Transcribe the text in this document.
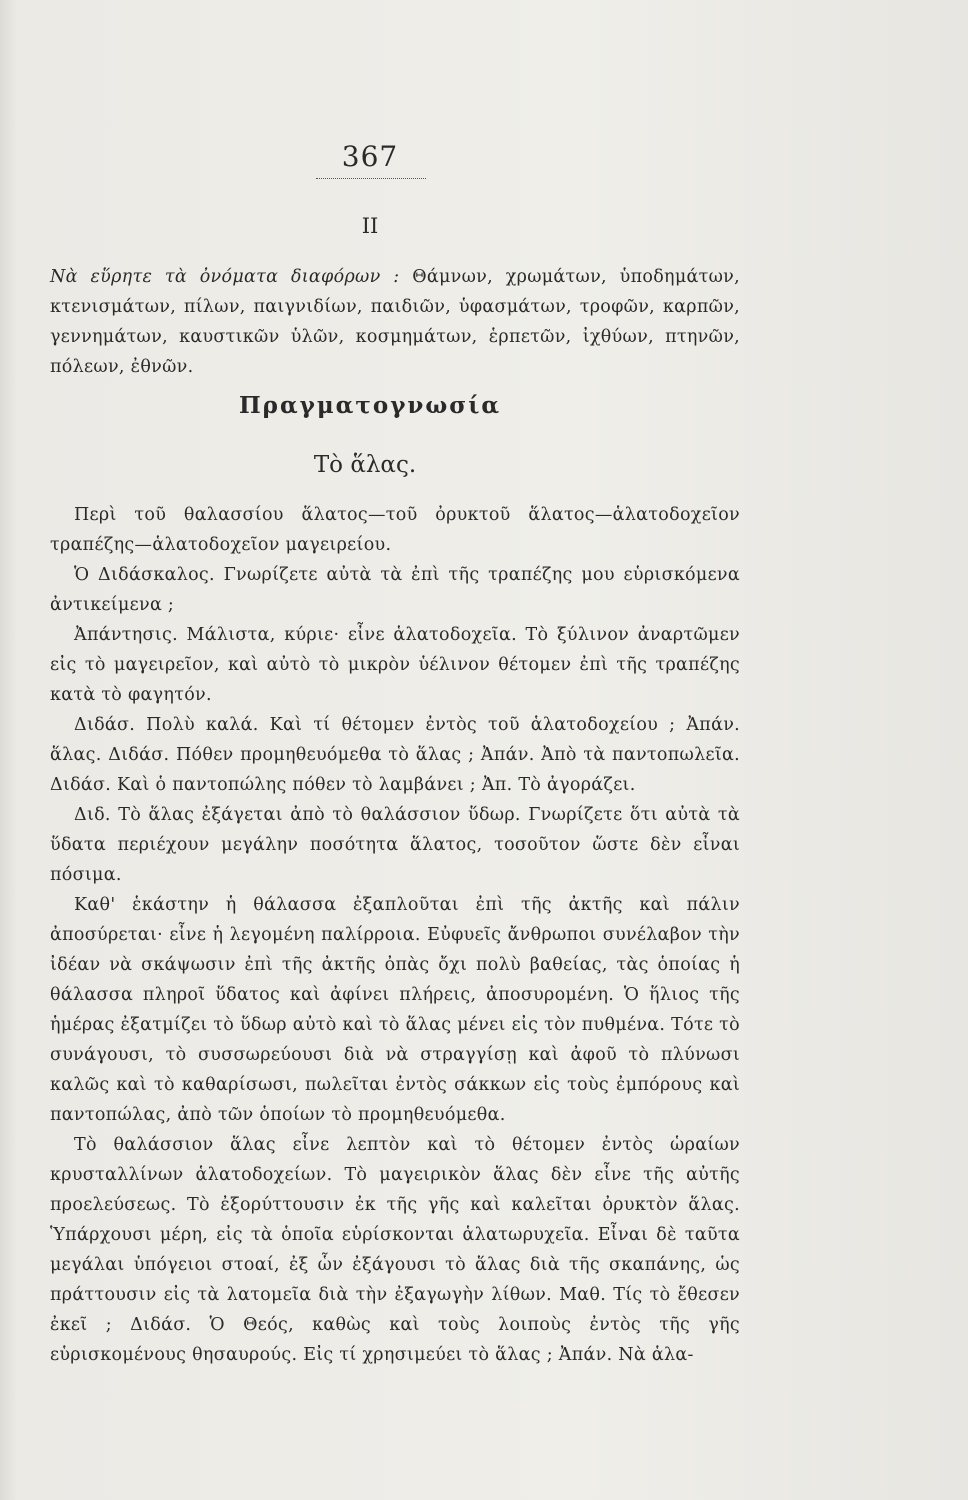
367
II
Νὰ εὕρητε τὰ ὀνόματα διαφόρων : Θάμνων, χρωμάτων, ὑποδημάτων, κτενισμάτων, πίλων, παιγνιδίων, παιδιῶν, ὑφασμάτων, τροφῶν, καρπῶν, γεννημάτων, καυστικῶν ὑλῶν, κοσμημάτων, ἑρπετῶν, ἰχθύων, πτηνῶν, πόλεων, ἐθνῶν.
Πραγματογνωσία
Τὸ ἅλας.

Περὶ τοῦ θαλασσίου ἅλατος—τοῦ ὀρυκτοῦ ἅλατος—ἁλατοδοχεῖον τραπέζης—ἁλατοδοχεῖον μαγειρείου.

Ὁ Διδάσκαλος. Γνωρίζετε αὐτὰ τὰ ἐπὶ τῆς τραπέζης μου εὑρισκόμενα ἀντικείμενα ;

Ἀπάντησις. Μάλιστα, κύριε· εἶνε ἁλατοδοχεῖα. Τὸ ξύλινον ἀναρτῶμεν εἰς τὸ μαγειρεῖον, καὶ αὐτὸ τὸ μικρὸν ὑέλινον θέτομεν ἐπὶ τῆς τραπέζης κατὰ τὸ φαγητόν.

Διδάσ. Πολὺ καλά. Καὶ τί θέτομεν ἐντὸς τοῦ ἁλατοδοχείου ; Ἀπάν. ἅλας. Διδάσ. Πόθεν προμηθευόμεθα τὸ ἅλας ; Ἀπάν. Ἀπὸ τὰ παντοπωλεῖα. Διδάσ. Καὶ ὁ παντοπώλης πόθεν τὸ λαμβάνει ; Ἀπ. Τὸ ἀγοράζει.

Διδ. Τὸ ἅλας ἐξάγεται ἀπὸ τὸ θαλάσσιον ὕδωρ. Γνωρίζετε ὅτι αὐτὰ τὰ ὕδατα περιέχουν μεγάλην ποσότητα ἅλατος, τοσοῦτον ὥστε δὲν εἶναι πόσιμα.

Καθ' ἑκάστην ἡ θάλασσα ἐξαπλοῦται ἐπὶ τῆς ἀκτῆς καὶ πάλιν ἀποσύρεται· εἶνε ἡ λεγομένη παλίρροια. Εὐφυεῖς ἄνθρωποι συνέλαβον τὴν ἰδέαν νὰ σκάψωσιν ἐπὶ τῆς ἀκτῆς ὀπὰς ὄχι πολὺ βαθείας, τὰς ὁποίας ἡ θάλασσα πληροῖ ὕδατος καὶ ἀφίνει πλήρεις, ἀποσυρομένη. Ὁ ἥλιος τῆς ἡμέρας ἐξατμίζει τὸ ὕδωρ αὐτὸ καὶ τὸ ἅλας μένει εἰς τὸν πυθμένα. Τότε τὸ συνάγουσι, τὸ συσσωρεύουσι διὰ νὰ στραγγίσῃ καὶ ἀφοῦ τὸ πλύνωσι καλῶς καὶ τὸ καθαρίσωσι, πωλεῖται ἐντὸς σάκκων εἰς τοὺς ἐμπόρους καὶ παντοπώλας, ἀπὸ τῶν ὁποίων τὸ προμηθευόμεθα.

Τὸ θαλάσσιον ἅλας εἶνε λεπτὸν καὶ τὸ θέτομεν ἐντὸς ὡραίων κρυσταλλίνων ἁλατοδοχείων. Τὸ μαγειρικὸν ἅλας δὲν εἶνε τῆς αὐτῆς προελεύσεως. Τὸ ἐξορύττουσιν ἐκ τῆς γῆς καὶ καλεῖται ὀρυκτὸν ἅλας. Ὑπάρχουσι μέρη, εἰς τὰ ὁποῖα εὑρίσκονται ἁλατωρυχεῖα. Εἶναι δὲ ταῦτα μεγάλαι ὑπόγειοι στοαί, ἐξ ὧν ἐξάγουσι τὸ ἅλας διὰ τῆς σκαπάνης, ὡς πράττουσιν εἰς τὰ λατομεῖα διὰ τὴν ἐξαγωγὴν λίθων. Μαθ. Τίς τὸ ἔθεσεν ἐκεῖ ; Διδάσ. Ὁ Θεός, καθὼς καὶ τοὺς λοιποὺς ἐντὸς τῆς γῆς εὑρισκομένους θησαυρούς. Εἰς τί χρησιμεύει τὸ ἅλας ; Ἀπάν. Νὰ ἁλα-
